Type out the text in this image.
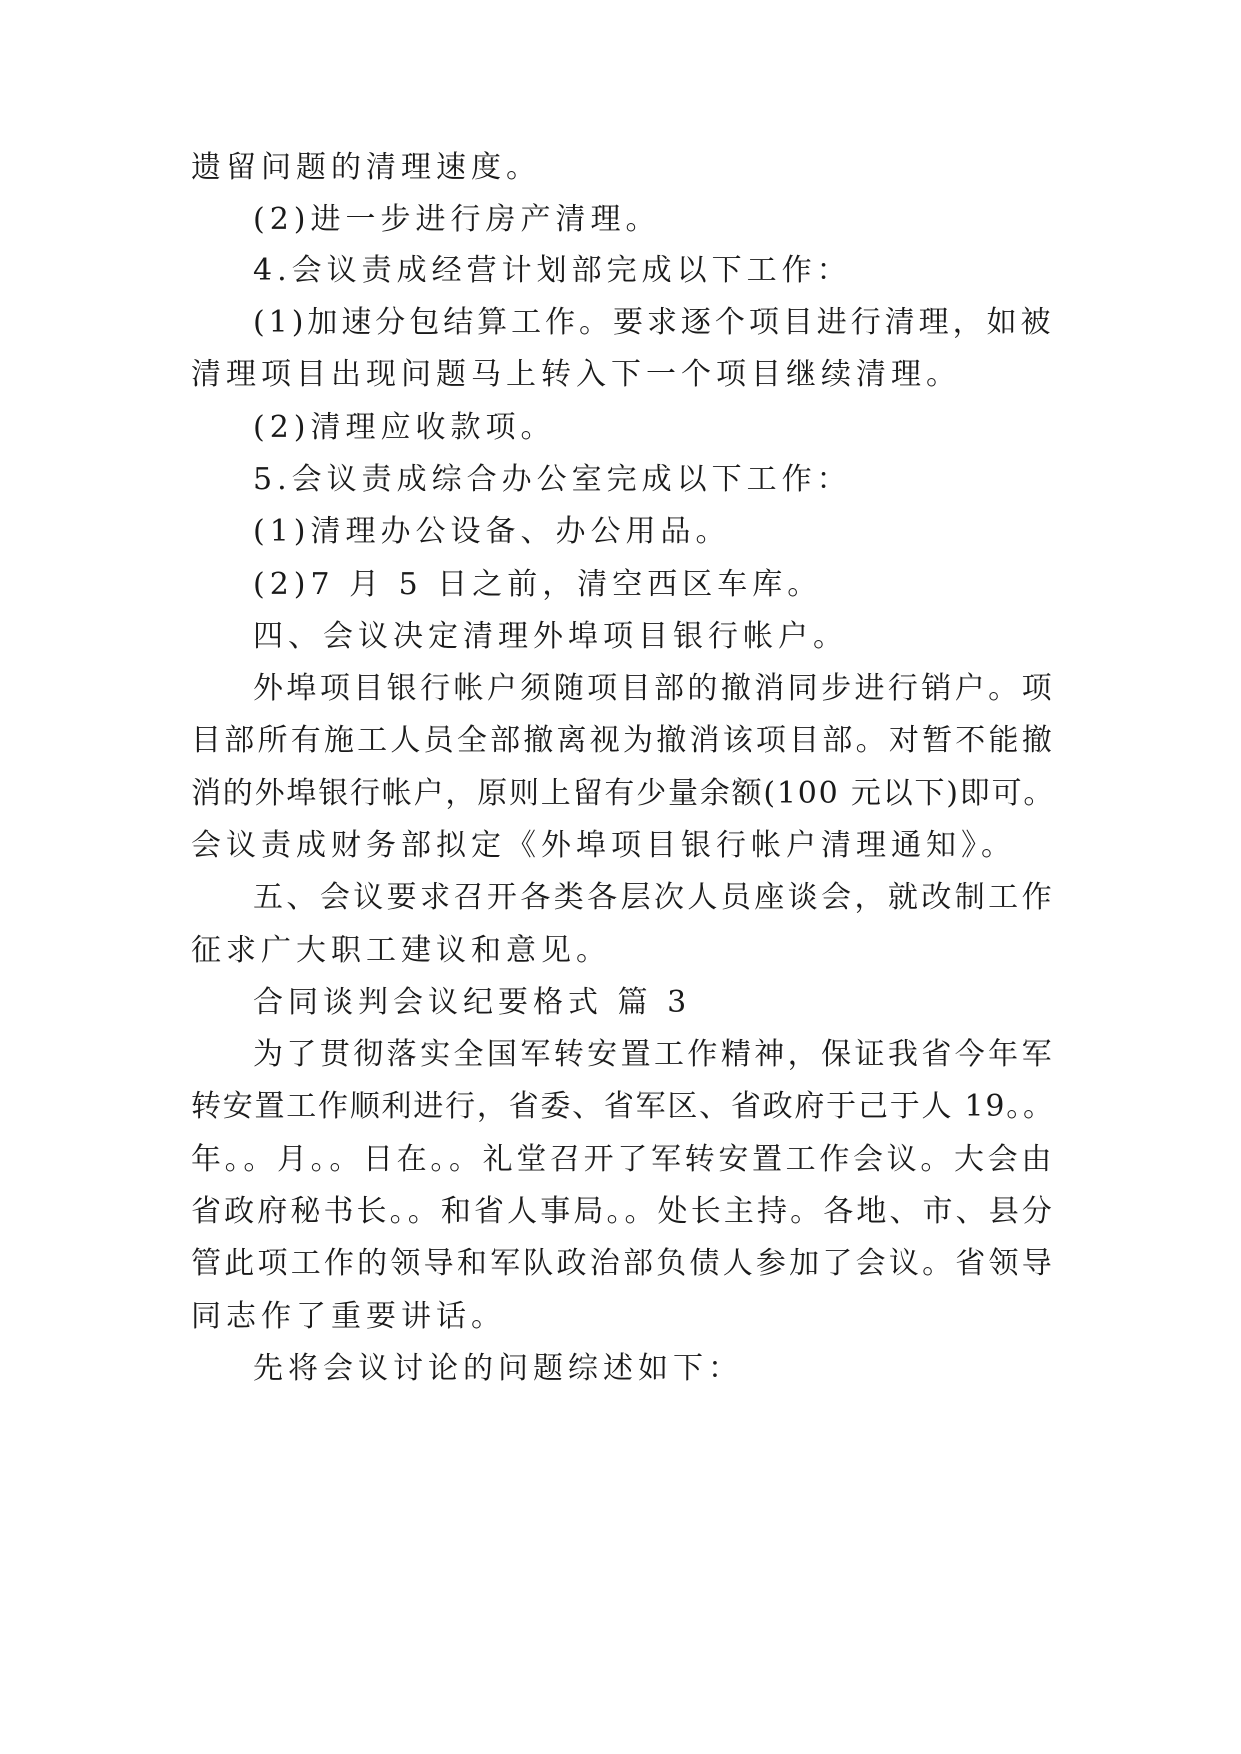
遗留问题的清理速度。

(2)进一步进行房产清理。

4.会议责成经营计划部完成以下工作：

(1)加速分包结算工作。要求逐个项目进行清理，如被

清理项目出现问题马上转入下一个项目继续清理。

(2)清理应收款项。

5.会议责成综合办公室完成以下工作：

(1)清理办公设备、办公用品。

(2)7 月 5 日之前，清空西区车库。

四、会议决定清理外埠项目银行帐户。

外埠项目银行帐户须随项目部的撤消同步进行销户。项

目部所有施工人员全部撤离视为撤消该项目部。对暂不能撤

消的外埠银行帐户，原则上留有少量余额(100 元以下)即可。

会议责成财务部拟定《外埠项目银行帐户清理通知》。

五、会议要求召开各类各层次人员座谈会，就改制工作

征求广大职工建议和意见。

合同谈判会议纪要格式 篇 3

为了贯彻落实全国军转安置工作精神，保证我省今年军

转安置工作顺利进行，省委、省军区、省政府于己于人 19。。

年。。月。。日在。。礼堂召开了军转安置工作会议。大会由

省政府秘书长。。和省人事局。。处长主持。各地、市、县分

管此项工作的领导和军队政治部负债人参加了会议。省领导

同志作了重要讲话。

先将会议讨论的问题综述如下：
